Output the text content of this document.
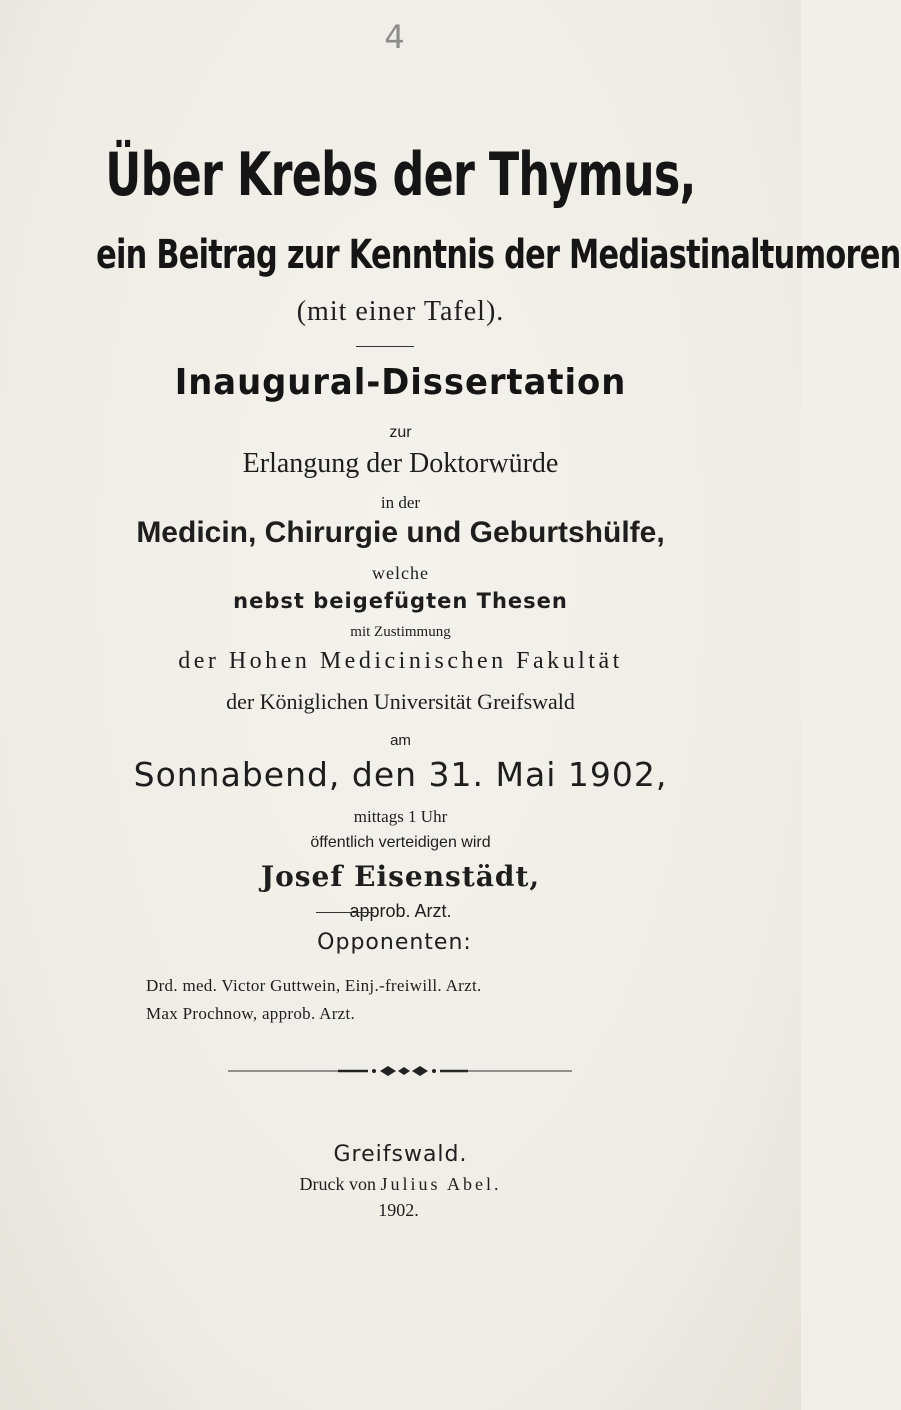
4
Über Krebs der Thymus,
ein Beitrag zur Kenntnis der Mediastinaltumoren
(mit einer Tafel).
Inaugural-Dissertation
zur
Erlangung der Doktorwürde
in der
Medicin, Chirurgie und Geburtshülfe,
welche
nebst beigefügten Thesen
mit Zustimmung
der Hohen Medicinischen Fakultät
der Königlichen Universität Greifswald
am
Sonnabend, den 31. Mai 1902,
mittags 1 Uhr
öffentlich verteidigen wird
Josef Eisenstädt,
approb. Arzt.
Opponenten:
Drd. med. Victor Guttwein, Einj.-freiwill. Arzt.
Max Prochnow, approb. Arzt.
Greifswald.
Druck von Julius Abel.
1902.
